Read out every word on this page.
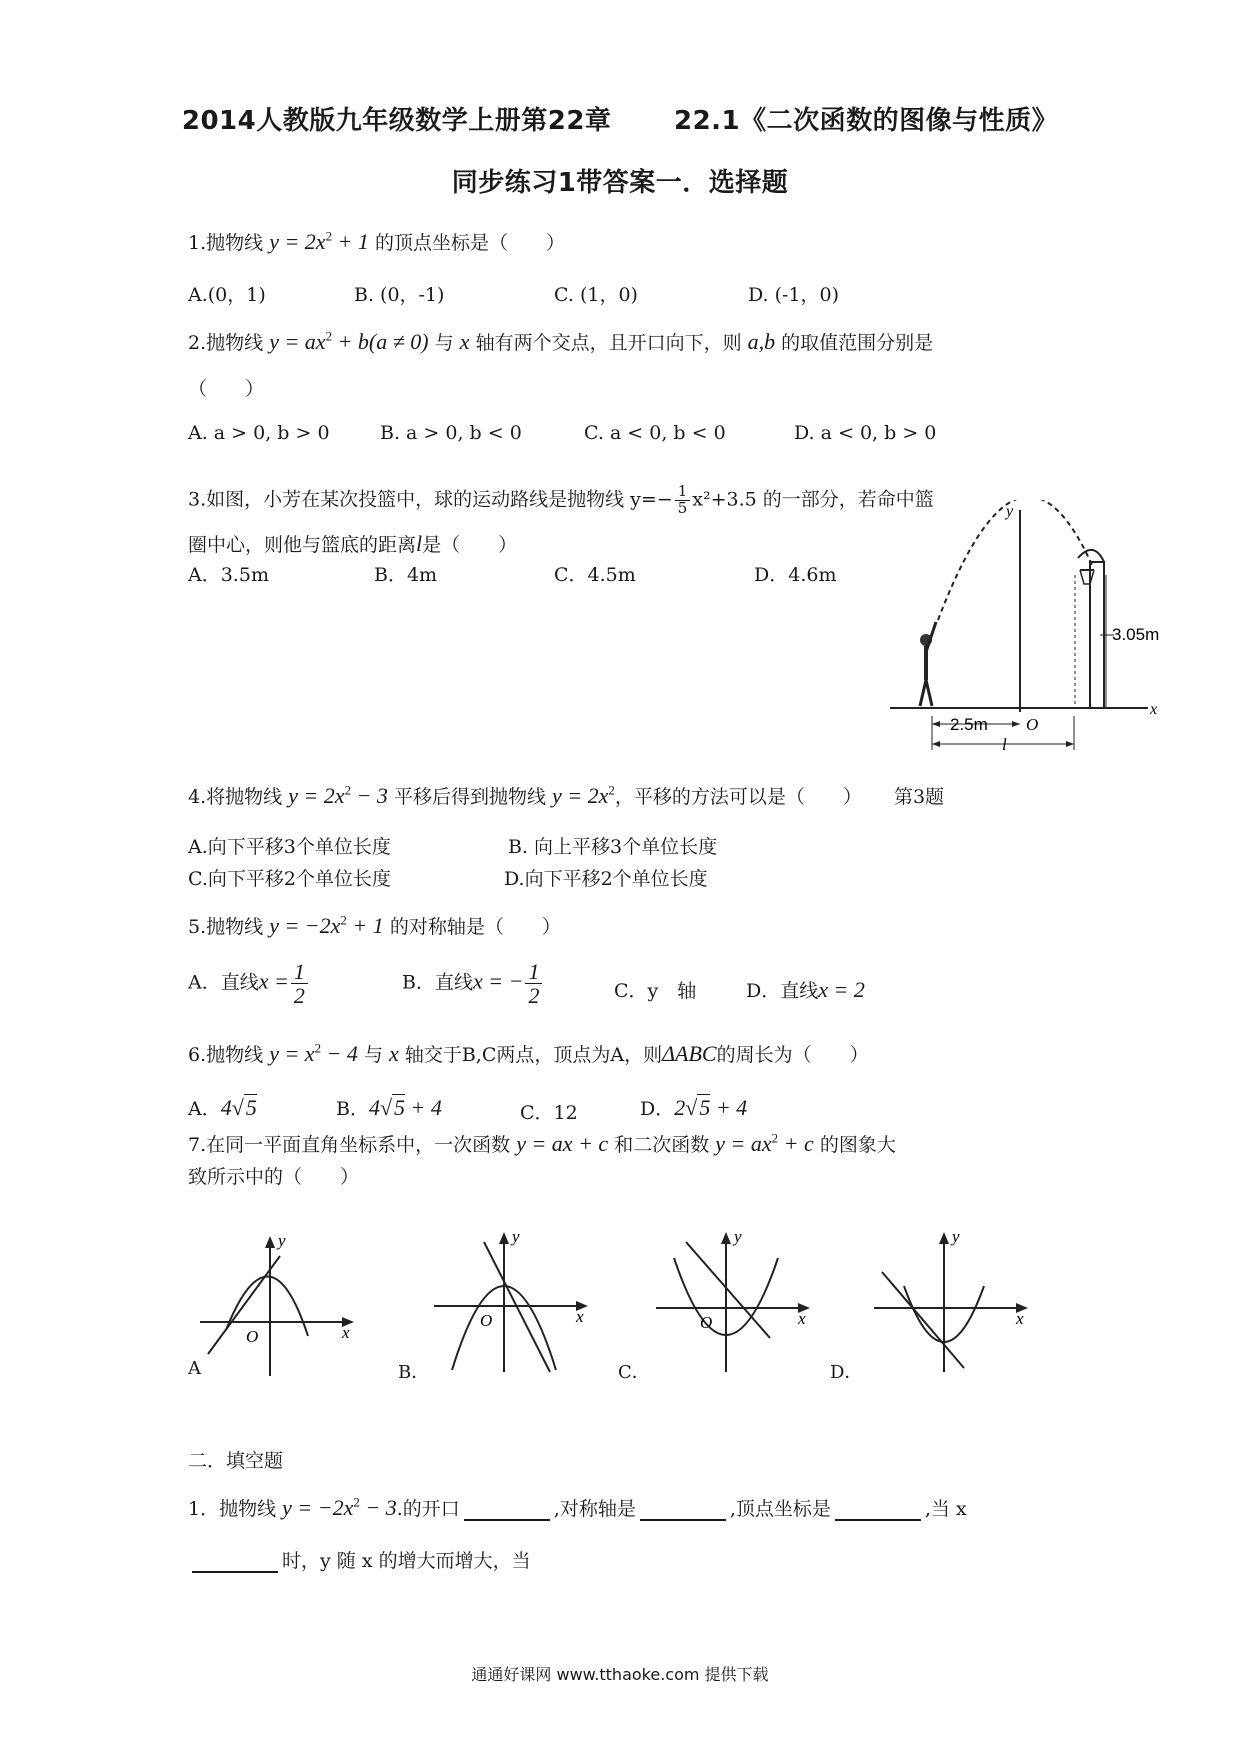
2014人教版九年级数学上册第22章　 　22.1《二次函数的图像与性质》
同步练习1带答案一．选择题
1.抛物线 $y = 2x^2 + 1$ 的顶点坐标是（　　）
A.(0，1)	B. (0，-1)	C. (1，0)	D. (-1，0)
2.抛物线 $y = ax^2 + b(a \ne 0)$ 与 x 轴有两个交点，且开口向下，则 a,b 的取值范围分别是
（　　）
A. a > 0, b > 0	B. a > 0, b < 0	C. a < 0, b < 0	D. a < 0, b > 0
3.如图，小芳在某次投篮中，球的运动路线是抛物线 $y=- \frac{1}{5} x^2+3.5$ 的一部分，若命中篮
圈中心，则他与篮底的距离l是（　　）
A．3.5m	B．4m	C．4.5m	D．4.6m
x
y
3.05m
2.5m O
l
4.将抛物线 $y = 2x^2 - 3$ 平移后得到抛物线 $y = 2x^2$，平移的方法可以是（　　） 第3题
A.向下平移3个单位长度	B. 向上平移3个单位长度
C.向下平移2个单位长度	D.向下平移2个单位长度
5.抛物线 $y = -2x^2 + 1$ 的对称轴是（　　）
A．直线$x = \frac{1}{2}$	B．直线x = − $\frac{1}{2}$	C．y　轴	D．直线x = 2
6.抛物线 $y = x^2 - 4$ 与 x 轴交于B,C两点，顶点为A，则ΔABC的周长为（　　）
A．4√5	B．4√5 + 4	C．12	D．2√5 + 4
7.在同一平面直角坐标系中，一次函数 y = ax + c 和二次函数 $y = ax^2 + c$ 的图象大
致所示中的（　　）
y
x
O
A
y
x
O
B．
y
x
O
C．
y
x
D．
二．填空题
1．抛物线 $y = -2x^2 - 3$.的开口	,对称轴是	,顶点坐标是	,当 x
时，y 随 x 的增大而增大，当
通通好课网 www.tthaoke.com 提供下载
